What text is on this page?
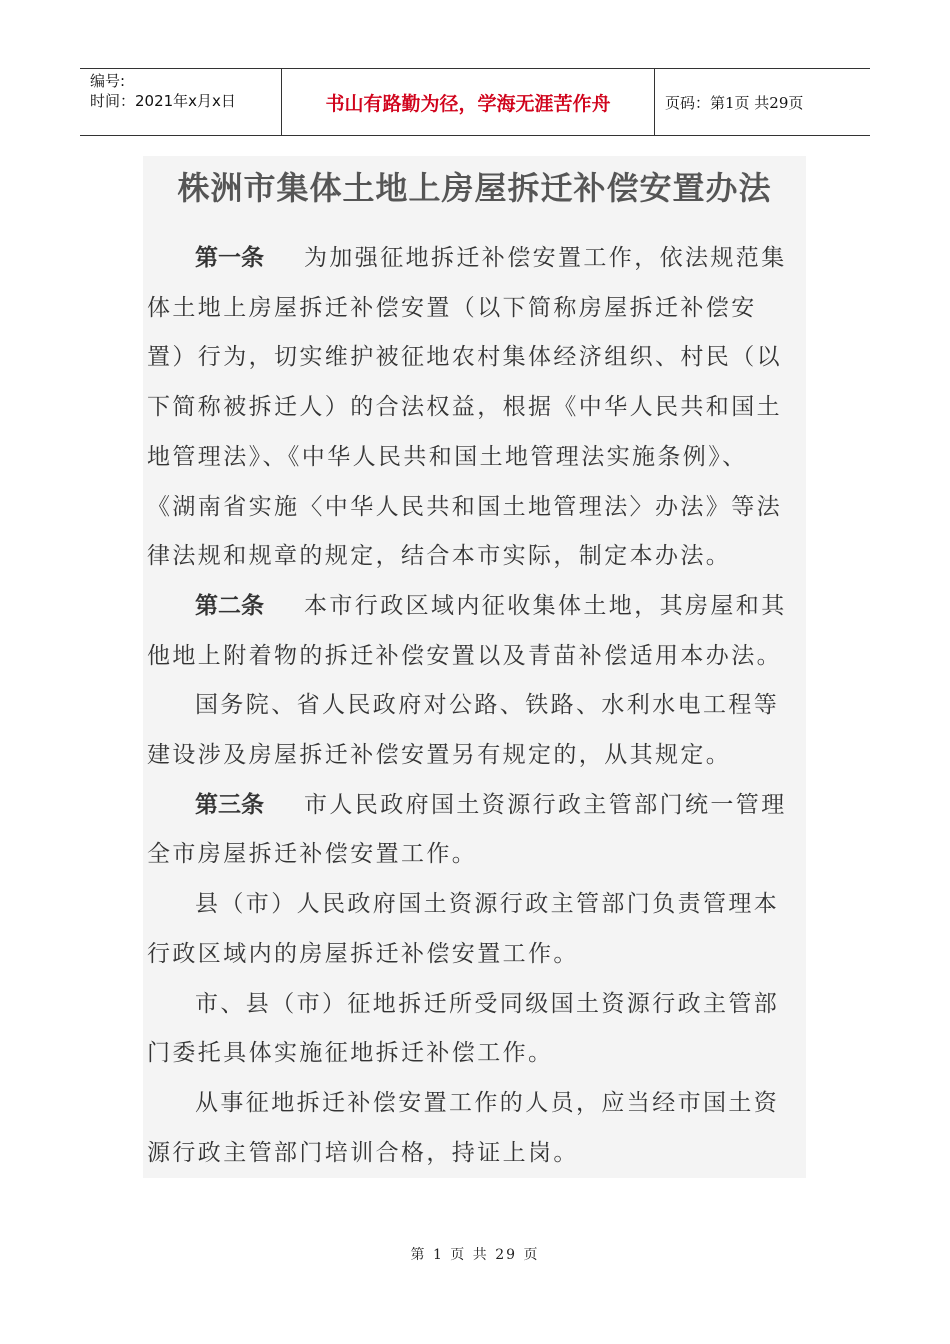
编号:
时间：2021年x月x日	书山有路勤为径，学海无涯苦作舟	页码：第1页 共29页
株洲市集体土地上房屋拆迁补偿安置办法
第一条 为加强征地拆迁补偿安置工作，依法规范集
体土地上房屋拆迁补偿安置（以下简称房屋拆迁补偿安
置）行为，切实维护被征地农村集体经济组织、村民（以
下简称被拆迁人）的合法权益，根据《中华人民共和国土
地管理法》、《中华人民共和国土地管理法实施条例》、
《湖南省实施〈中华人民共和国土地管理法〉办法》等法
律法规和规章的规定，结合本市实际，制定本办法。
第二条 本市行政区域内征收集体土地，其房屋和其
他地上附着物的拆迁补偿安置以及青苗补偿适用本办法。
国务院、省人民政府对公路、铁路、水利水电工程等
建设涉及房屋拆迁补偿安置另有规定的，从其规定。
第三条 市人民政府国土资源行政主管部门统一管理
全市房屋拆迁补偿安置工作。
县（市）人民政府国土资源行政主管部门负责管理本
行政区域内的房屋拆迁补偿安置工作。
市、县（市）征地拆迁所受同级国土资源行政主管部
门委托具体实施征地拆迁补偿工作。
从事征地拆迁补偿安置工作的人员，应当经市国土资
源行政主管部门培训合格，持证上岗。
第 1 页 共 29 页
